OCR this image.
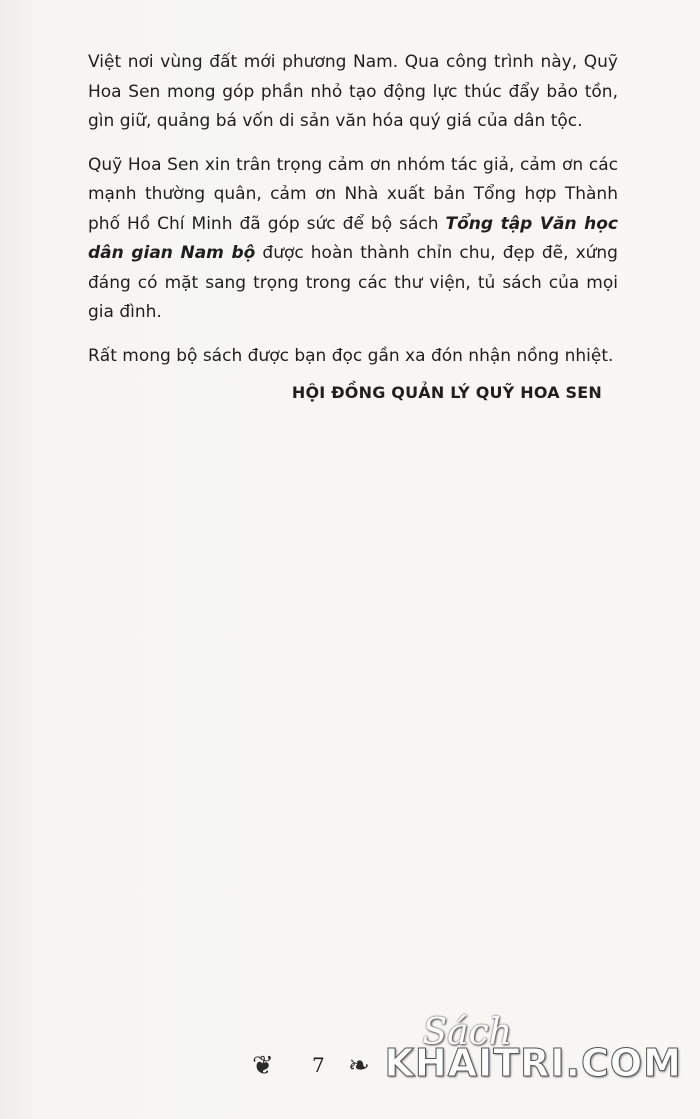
Việt nơi vùng đất mới phương Nam. Qua công trình này, Quỹ Hoa Sen mong góp phần nhỏ tạo động lực thúc đẩy bảo tồn, gìn giữ, quảng bá vốn di sản văn hóa quý giá của dân tộc.

Quỹ Hoa Sen xin trân trọng cảm ơn nhóm tác giả, cảm ơn các mạnh thường quân, cảm ơn Nhà xuất bản Tổng hợp Thành phố Hồ Chí Minh đã góp sức để bộ sách Tổng tập Văn học dân gian Nam bộ được hoàn thành chỉn chu, đẹp đẽ, xứng đáng có mặt sang trọng trong các thư viện, tủ sách của mọi gia đình.

Rất mong bộ sách được bạn đọc gần xa đón nhận nồng nhiệt.

HỘI ĐỒNG QUẢN LÝ QUỸ HOA SEN
❦ 7 ❧
Sách
KHAITRI.COM
